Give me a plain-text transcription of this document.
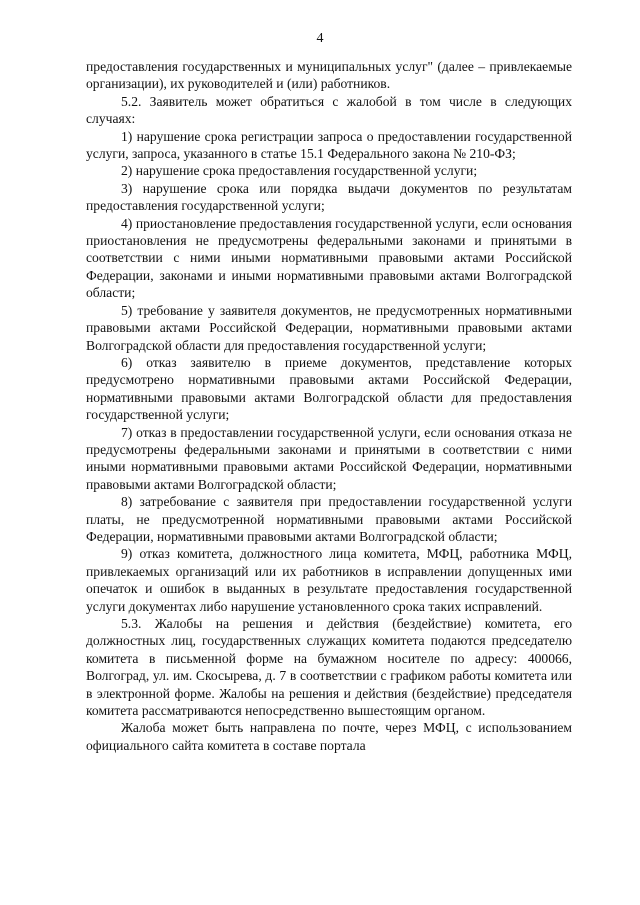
4

предоставления государственных и муниципальных услуг" (далее – привлекаемые организации), их руководителей и (или) работников.

5.2. Заявитель может обратиться с жалобой в том числе в следующих случаях:

1) нарушение срока регистрации запроса о предоставлении государственной услуги, запроса, указанного в статье 15.1 Федерального закона № 210-ФЗ;

2) нарушение срока предоставления государственной услуги;

3) нарушение срока или порядка выдачи документов по результатам предоставления государственной услуги;

4) приостановление предоставления государственной услуги, если основания приостановления не предусмотрены федеральными законами и принятыми в соответствии с ними иными нормативными правовыми актами Российской Федерации, законами и иными нормативными правовыми актами Волгоградской области;

5) требование у заявителя документов, не предусмотренных нормативными правовыми актами Российской Федерации, нормативными правовыми актами Волгоградской области для предоставления государственной услуги;

6) отказ заявителю в приеме документов, представление которых предусмотрено нормативными правовыми актами Российской Федерации, нормативными правовыми актами Волгоградской области для предоставления государственной услуги;

7) отказ в предоставлении государственной услуги, если основания отказа не предусмотрены федеральными законами и принятыми в соответствии с ними иными нормативными правовыми актами Российской Федерации, нормативными правовыми актами Волгоградской области;

8) затребование с заявителя при предоставлении государственной услуги платы, не предусмотренной нормативными правовыми актами Российской Федерации, нормативными правовыми актами Волгоградской области;

9) отказ комитета, должностного лица комитета, МФЦ, работника МФЦ, привлекаемых организаций или их работников в исправлении допущенных ими опечаток и ошибок в выданных в результате предоставления государственной услуги документах либо нарушение установленного срока таких исправлений.

5.3. Жалобы на решения и действия (бездействие) комитета, его должностных лиц, государственных служащих комитета подаются председателю комитета в письменной форме на бумажном носителе по адресу: 400066, Волгоград, ул. им. Скосырева, д. 7 в соответствии с графиком работы комитета или в электронной форме. Жалобы на решения и действия (бездействие) председателя комитета рассматриваются непосредственно вышестоящим органом.

Жалоба может быть направлена по почте, через МФЦ, с использованием официального сайта комитета в составе портала
